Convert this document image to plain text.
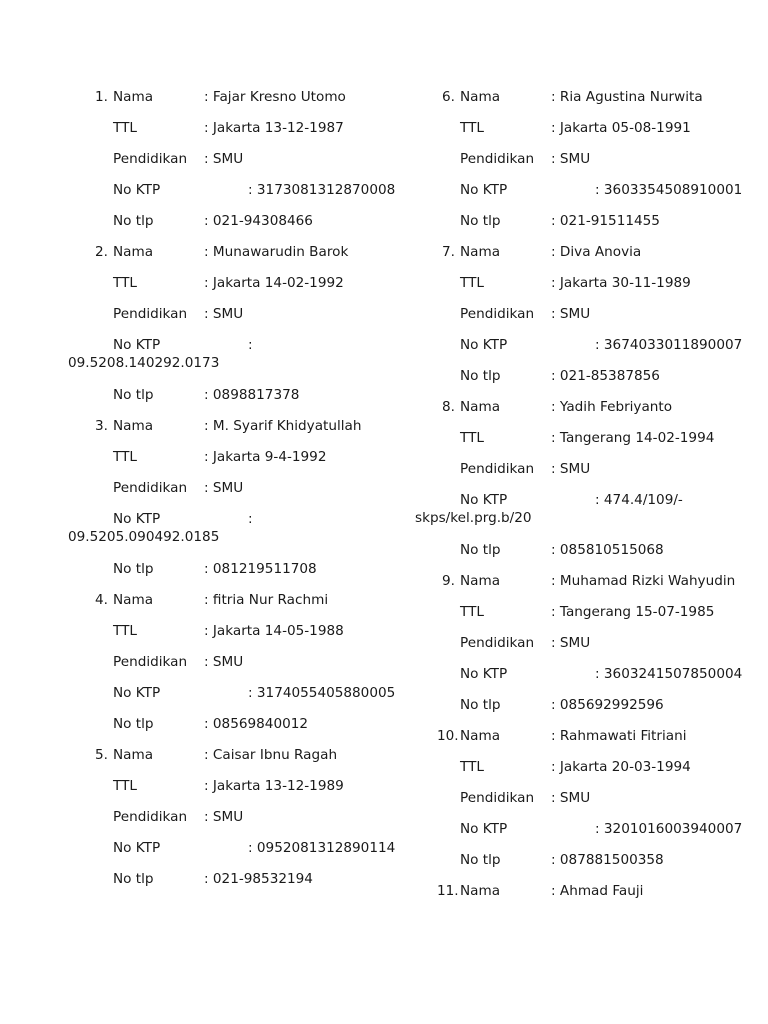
1. Nama	: Fajar Kresno Utomo
TTL	: Jakarta 13-12-1987
Pendidikan : SMU
No KTP	: 3173081312870008
No tlp	: 021-94308466
2. Nama	: Munawarudin Barok
TTL	: Jakarta 14-02-1992
Pendidikan : SMU
No KTP	:
09.5208.140292.0173
No tlp	: 0898817378
3. Nama	: M. Syarif Khidyatullah
TTL	: Jakarta 9-4-1992
Pendidikan : SMU
No KTP	:
09.5205.090492.0185
No tlp	: 081219511708
4. Nama	: fitria Nur Rachmi
TTL	: Jakarta 14-05-1988
Pendidikan : SMU
No KTP	: 3174055405880005
No tlp	: 08569840012
5. Nama	: Caisar Ibnu Ragah
TTL	: Jakarta 13-12-1989
Pendidikan : SMU
No KTP	: 0952081312890114
No tlp	: 021-98532194
6. Nama	: Ria Agustina Nurwita
TTL	: Jakarta 05-08-1991
Pendidikan : SMU
No KTP	: 3603354508910001
No tlp	: 021-91511455
7. Nama	: Diva Anovia
TTL	: Jakarta 30-11-1989
Pendidikan : SMU
No KTP	: 3674033011890007
No tlp	: 021-85387856
8. Nama	: Yadih Febriyanto
TTL	: Tangerang 14-02-1994
Pendidikan : SMU
No KTP	: 474.4/109/-
skps/kel.prg.b/20
No tlp	: 085810515068
9. Nama	: Muhamad Rizki Wahyudin
TTL	: Tangerang 15-07-1985
Pendidikan : SMU
No KTP	: 3603241507850004
No tlp	: 085692992596
10. Nama	: Rahmawati Fitriani
TTL	: Jakarta 20-03-1994
Pendidikan : SMU
No KTP	: 3201016003940007
No tlp	: 087881500358
11. Nama	: Ahmad Fauji
